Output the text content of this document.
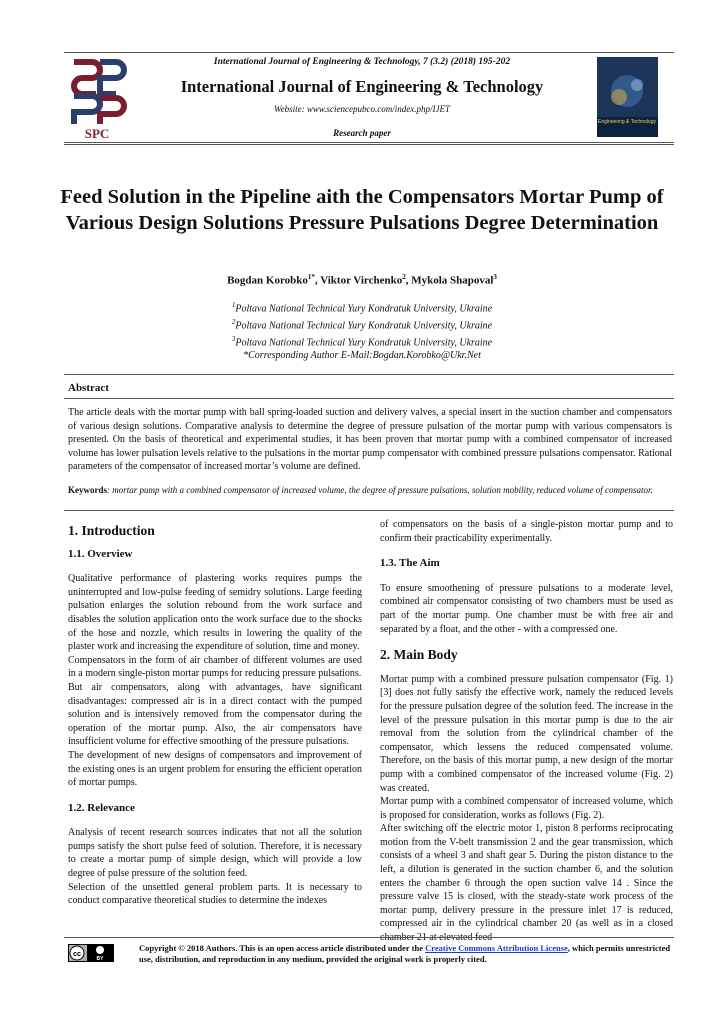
International Journal of Engineering & Technology, 7 (3.2) (2018) 195-202
SPC
International Journal of Engineering & Technology
Website: www.sciencepubco.com/index.php/IJET
Engineering & Technology
Research paper
Feed Solution in the Pipeline aith the Compensators Mortar Pump of Various Design Solutions Pressure Pulsations Degree Determination
Bogdan Korobko$^{1*}$, Viktor Virchenko$^2$, Mykola Shapoval$^3$
$^1$Poltava National Technical Yury Kondratuk University, Ukraine
$^2$Poltava National Technical Yury Kondratuk University, Ukraine
$^3$Poltava National Technical Yury Kondratuk University, Ukraine
*Corresponding Author E-Mail:Bogdan.Korobko@Ukr.Net
Abstract
The article deals with the mortar pump with ball spring-loaded suction and delivery valves, a special insert in the suction chamber and compensators of various design solutions. Comparative analysis to determine the degree of pressure pulsation of the mortar pump with various compensators is presented. On the basis of theoretical and experimental studies, it has been proven that mortar pump with a combined compensator of increased volume has lower pulsation levels relative to the pulsations in the mortar pump compensator with combined pressure pulsations compensator. Rational parameters of the compensator of increased mortar’s volume are defined.
Keywords: mortar pump with a combined compensator of increased volume, the degree of pressure pulsations, solution mobility, reduced volume of compensator.
1. Introduction
1.1. Overview

Qualitative performance of plastering works requires pumps the uninterrupted and low-pulse feeding of semidry solutions. Large feeding pulsation enlarges the solution rebound from the work surface and disables the solution application onto the work surface due to the shocks of the hose and nozzle, which results in lowering the quality of the plaster work and increasing the expenditure of solution, time and money.

Compensators in the form of air chamber of different volumes are used in a modern single-piston mortar pumps for reducing pressure pulsations.

But air compensators, along with advantages, have significant disadvantages: compressed air is in a direct contact with the pumped solution and is intensively removed from the compensator during the operation of the mortar pump. Also, the air compensators have insufficient volume for effective smoothing of the pressure pulsations.

The development of new designs of compensators and improvement of the existing ones is an urgent problem for ensuring the efficient operation of mortar pumps.

1.2. Relevance

Analysis of recent research sources indicates that not all the solution pumps satisfy the short pulse feed of solution. Therefore, it is necessary to create a mortar pump of simple design, which will provide a low degree of pulse pressure of the solution feed.

Selection of the unsettled general problem parts. It is necessary to conduct comparative theoretical studies to determine the indexes

of compensators on the basis of a single-piston mortar pump and to confirm their practicability experimentally.

1.3. The Aim

To ensure smoothening of pressure pulsations to a moderate level, combined air compensator consisting of two chambers must be used as part of the mortar pump. One chamber must be with free air and separated by a float, and the other - with a compressed one.

2. Main Body

Mortar pump with a combined pressure pulsation compensator (Fig. 1) [3] does not fully satisfy the effective work, namely the reduced levels for the pressure pulsation degree of the solution feed. The increase in the level of the pressure pulsation in this mortar pump is due to the air removal from the solution from the cylindrical chamber of the compensator, which lessens the reduced compensated volume. Therefore, on the basis of this mortar pump, a new design of the mortar pump with a combined compensator of the increased volume (Fig. 2) was created.

Mortar pump with a combined compensator of increased volume, which is proposed for consideration, works as follows (Fig. 2).

After switching off the electric motor 1, piston 8 performs reciprocating motion from the V-belt transmission 2 and the gear transmission, which consists of a wheel 3 and shaft gear 5. During the piston distance to the left, a dilution is generated in the suction chamber 6, and the solution enters the chamber 6 through the open suction valve 14 . Since the pressure valve 15 is closed, with the steady-state work process of the mortar pump, delivery pressure in the pressure inlet 17 is reduced, compressed air in the cylindrical chamber 20 (as well as in a closed chamber 21 at elevated feed

cc
BY
Copyright © 2018 Authors. This is an open access article distributed under the Creative Commons Attribution License, which permits unrestricted use, distribution, and reproduction in any medium, provided the original work is properly cited.
